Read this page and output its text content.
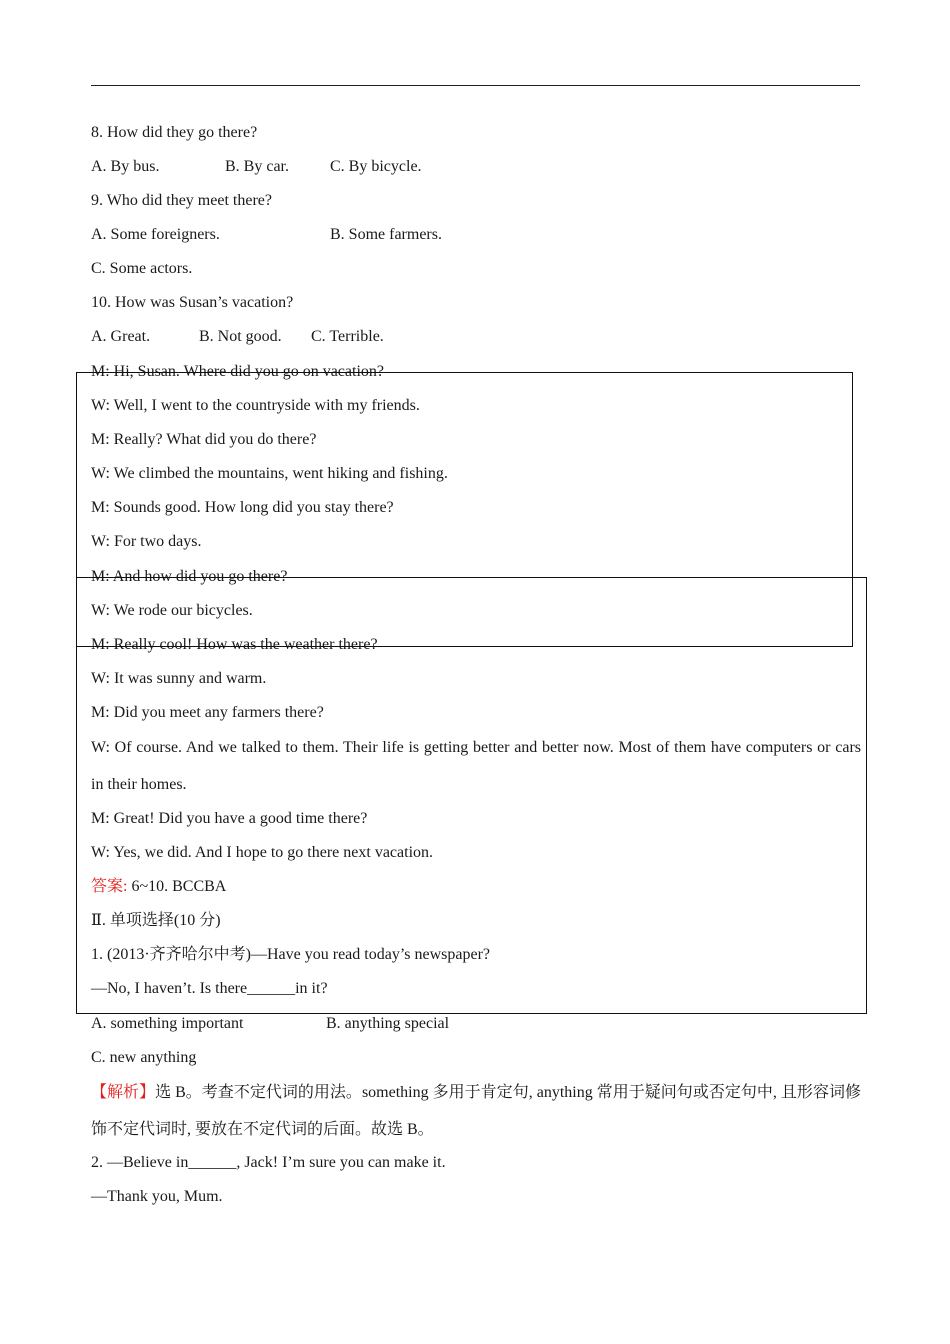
8. How did they go there?
A. By bus.	B. By car.	C. By bicycle.
9. Who did they meet there?
A. Some foreigners.	B. Some farmers.
C. Some actors.
10. How was Susan’s vacation?
A. Great.	B. Not good. C. Terrible.
M: Hi, Susan. Where did you go on vacation?
W: Well, I went to the countryside with my friends.
M: Really? What did you do there?
W: We climbed the mountains, went hiking and fishing.
M: Sounds good. How long did you stay there?
W: For two days.
M: And how did you go there?
W: We rode our bicycles.
M: Really cool! How was the weather there?
W: It was sunny and warm.
M: Did you meet any farmers there?
W: Of course. And we talked to them. Their life is getting better and better now. Most of them have computers or cars in their homes.
M: Great! Did you have a good time there?
W: Yes, we did. And I hope to go there next vacation.
答案: 6~10. BCCBA
Ⅱ. 单项选择(10 分)
1. (2013·齐齐哈尔中考)—Have you read today’s newspaper?
—No, I haven’t. Is there______in it?
A. something important	B. anything special
C. new anything
【解析】选 B。考查不定代词的用法。something 多用于肯定句, anything 常用于疑问句或否定句中, 且形容词修饰不定代词时, 要放在不定代词的后面。故选 B。
2. —Believe in______, Jack! I’m sure you can make it.
—Thank you, Mum.
